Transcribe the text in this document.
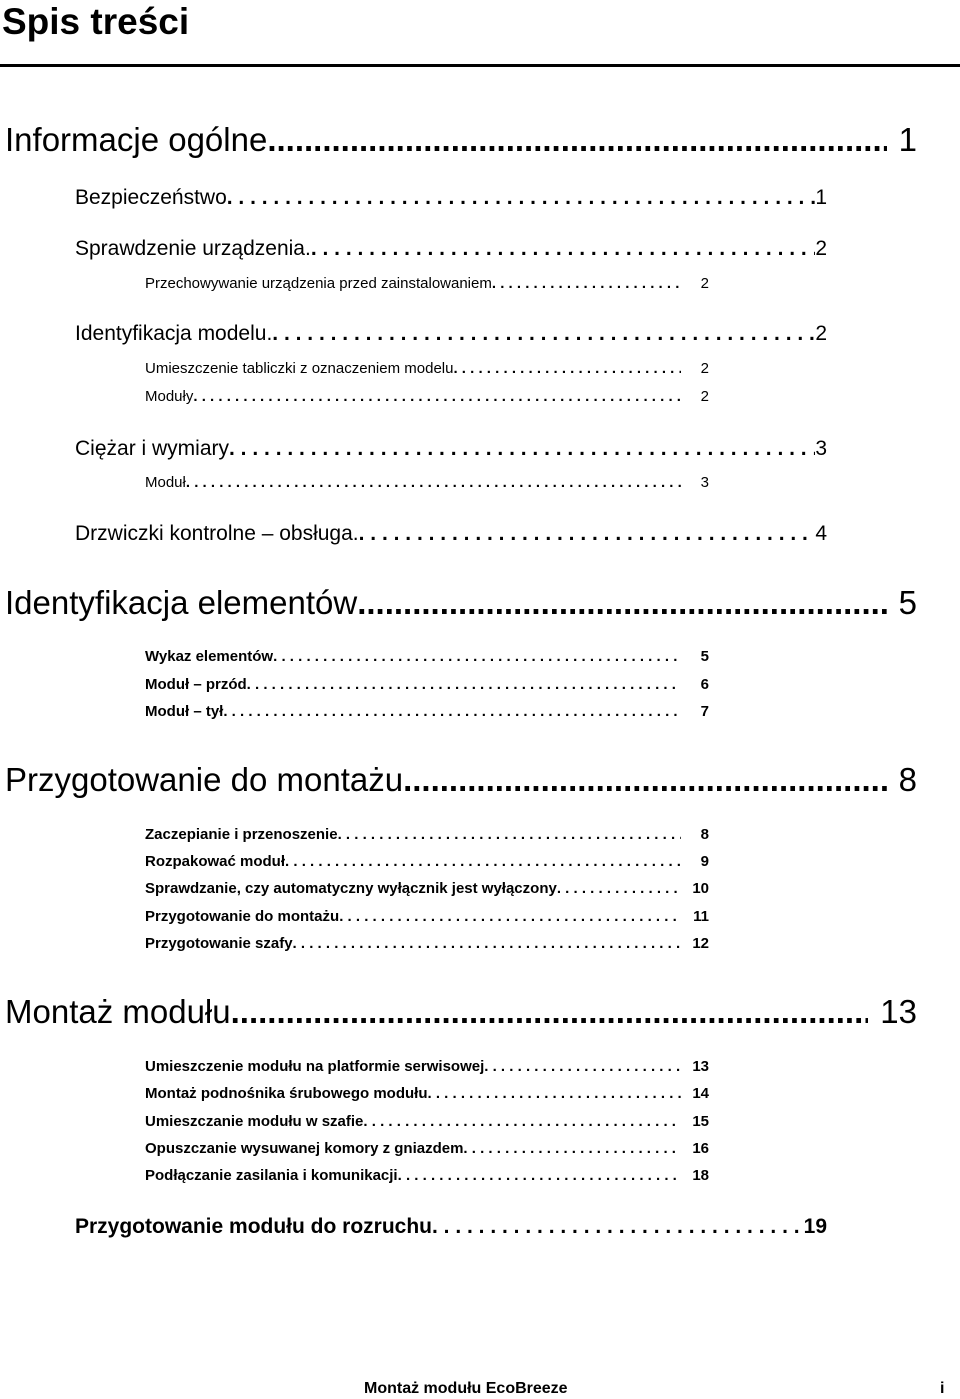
Spis treści
Informacje ogólne .....	1
Bezpieczeństwo . . .	1
Sprawdzenie urządzenia. . . .	2
Przechowywanie urządzenia przed zainstalowaniem . . .	2
Identyfikacja modelu. . . .	2
Umieszczenie tabliczki z oznaczeniem modelu . . .	2
Moduły . . .	2
Ciężar i wymiary . . .	3
Moduł . . .	3
Drzwiczki kontrolne – obsługa. . . .	4
Identyfikacja elementów .....	5
Wykaz elementów . . .	5
Moduł – przód . . .	6
Moduł – tył . . .	7
Przygotowanie do montażu .....	8
Zaczepianie i przenoszenie . . .	8
Rozpakować moduł . . .	9
Sprawdzanie, czy automatyczny wyłącznik jest wyłączony . . .	10
Przygotowanie do montażu . . .	11
Przygotowanie szafy . . .	12
Montaż modułu .....	13
Umieszczenie modułu na platformie serwisowej . . .	13
Montaż podnośnika śrubowego modułu . . .	14
Umieszczanie modułu w szafie . . .	15
Opuszczanie wysuwanej komory z gniazdem . . .	16
Podłączanie zasilania i komunikacji . . .	18
Przygotowanie modułu do rozruchu . . .	19
Montaż modułu EcoBreeze	i
